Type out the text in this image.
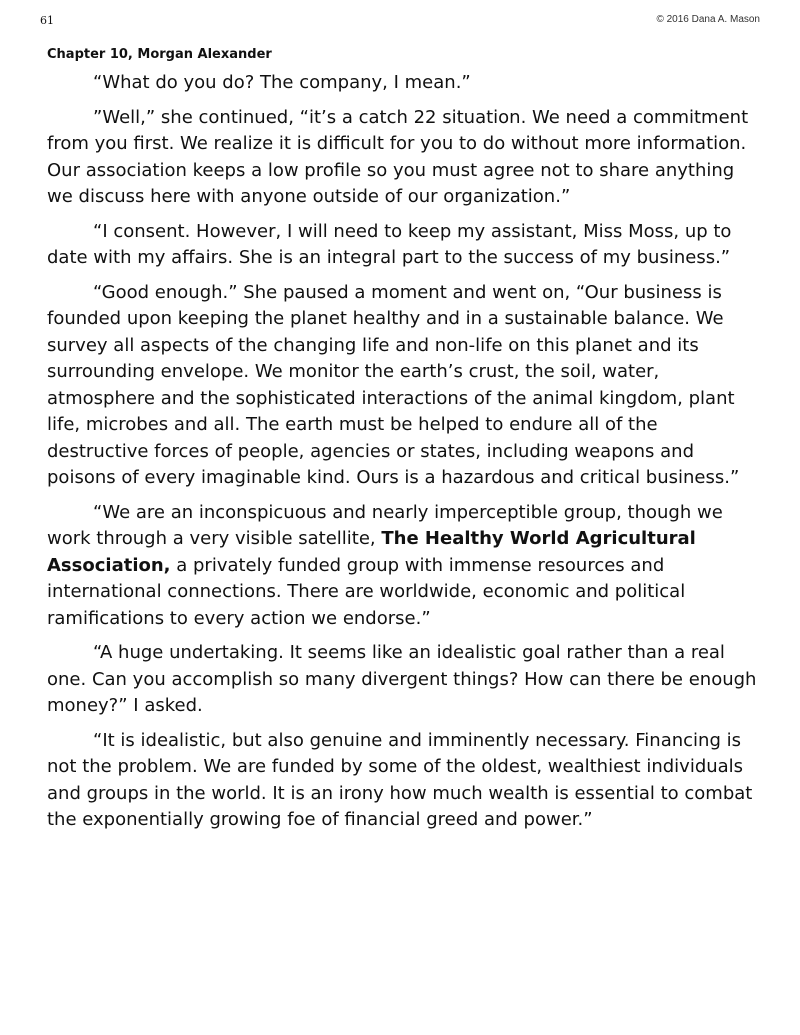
61	© 2016 Dana A. Mason
Chapter 10, Morgan Alexander

“What do you do? The company, I mean.”

”Well,” she continued, “it’s a catch 22 situation. We need a commitment from you first. We realize it is difficult for you to do without more information. Our association keeps a low profile so you must agree not to share anything we discuss here with anyone outside of our organization.”

“I consent. However, I will need to keep my assistant, Miss Moss, up to date with my affairs. She is an integral part to the success of my business.”

“Good enough.” She paused a moment and went on, “Our business is founded upon keeping the planet healthy and in a sustainable balance. We survey all aspects of the changing life and non-life on this planet and its surrounding envelope. We monitor the earth’s crust, the soil, water, atmosphere and the sophisticated interactions of the animal kingdom, plant life, microbes and all. The earth must be helped to endure all of the destructive forces of people, agencies or states, including weapons and poisons of every imaginable kind. Ours is a hazardous and critical business.”

“We are an inconspicuous and nearly imperceptible group, though we work through a very visible satellite, The Healthy World Agricultural Association, a privately funded group with immense resources and international connections. There are worldwide, economic and political ramifications to every action we endorse.”

“A huge undertaking. It seems like an idealistic goal rather than a real one. Can you accomplish so many divergent things? How can there be enough money?” I asked.

“It is idealistic, but also genuine and imminently necessary. Financing is not the problem. We are funded by some of the oldest, wealthiest individuals and groups in the world. It is an irony how much wealth is essential to combat the exponentially growing foe of financial greed and power.”
